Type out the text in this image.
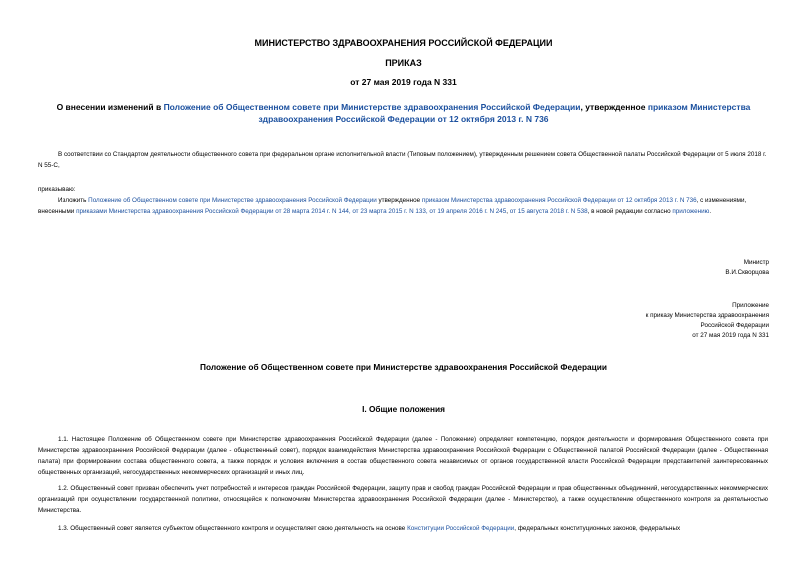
МИНИСТЕРСТВО ЗДРАВООХРАНЕНИЯ РОССИЙСКОЙ ФЕДЕРАЦИИ
ПРИКАЗ
от 27 мая 2019 года N 331
О внесении изменений в Положение об Общественном совете при Министерстве здравоохранения Российской Федерации, утвержденное приказом Министерства здравоохранения Российской Федерации от 12 октября 2013 г. N 736
В соответствии со Стандартом деятельности общественного совета при федеральном органе исполнительной власти (Типовым положением), утвержденным решением совета Общественной палаты Российской Федерации от 5 июля 2018 г. N 55-С,
приказываю:
Изложить Положение об Общественном совете при Министерстве здравоохранения Российской Федерации утвержденное приказом Министерства здравоохранения Российской Федерации от 12 октября 2013 г. N 736, с изменениями, внесенными приказами Министерства здравоохранения Российской Федерации от 28 марта 2014 г. N 144, от 23 марта 2015 г. N 133, от 19 апреля 2016 г. N 245, от 15 августа 2018 г. N 538, в новой редакции согласно приложению.
Министр
В.И.Скворцова
Приложение
к приказу Министерства здравоохранения
Российской Федерации
от 27 мая 2019 года N 331
Положение об Общественном совете при Министерстве здравоохранения Российской Федерации
I. Общие положения
1.1. Настоящее Положение об Общественном совете при Министерстве здравоохранения Российской Федерации (далее - Положение) определяет компетенцию, порядок деятельности и формирования Общественного совета при Министерстве здравоохранения Российской Федерации (далее - общественный совет), порядок взаимодействия Министерства здравоохранения Российской Федерации с Общественной палатой Российской Федерации (далее - Общественная палата) при формировании состава общественного совета, а также порядок и условия включения в состав общественного совета независимых от органов государственной власти Российской Федерации представителей заинтересованных общественных организаций, негосударственных некоммерческих организаций и иных лиц.
1.2. Общественный совет призван обеспечить учет потребностей и интересов граждан Российской Федерации, защиту прав и свобод граждан Российской Федерации и прав общественных объединений, негосударственных некоммерческих организаций при осуществлении государственной политики, относящейся к полномочиям Министерства здравоохранения Российской Федерации (далее - Министерство), а также осуществление общественного контроля за деятельностью Министерства.
1.3. Общественный совет является субъектом общественного контроля и осуществляет свою деятельность на основе Конституции Российской Федерации, федеральных конституционных законов, федеральных
